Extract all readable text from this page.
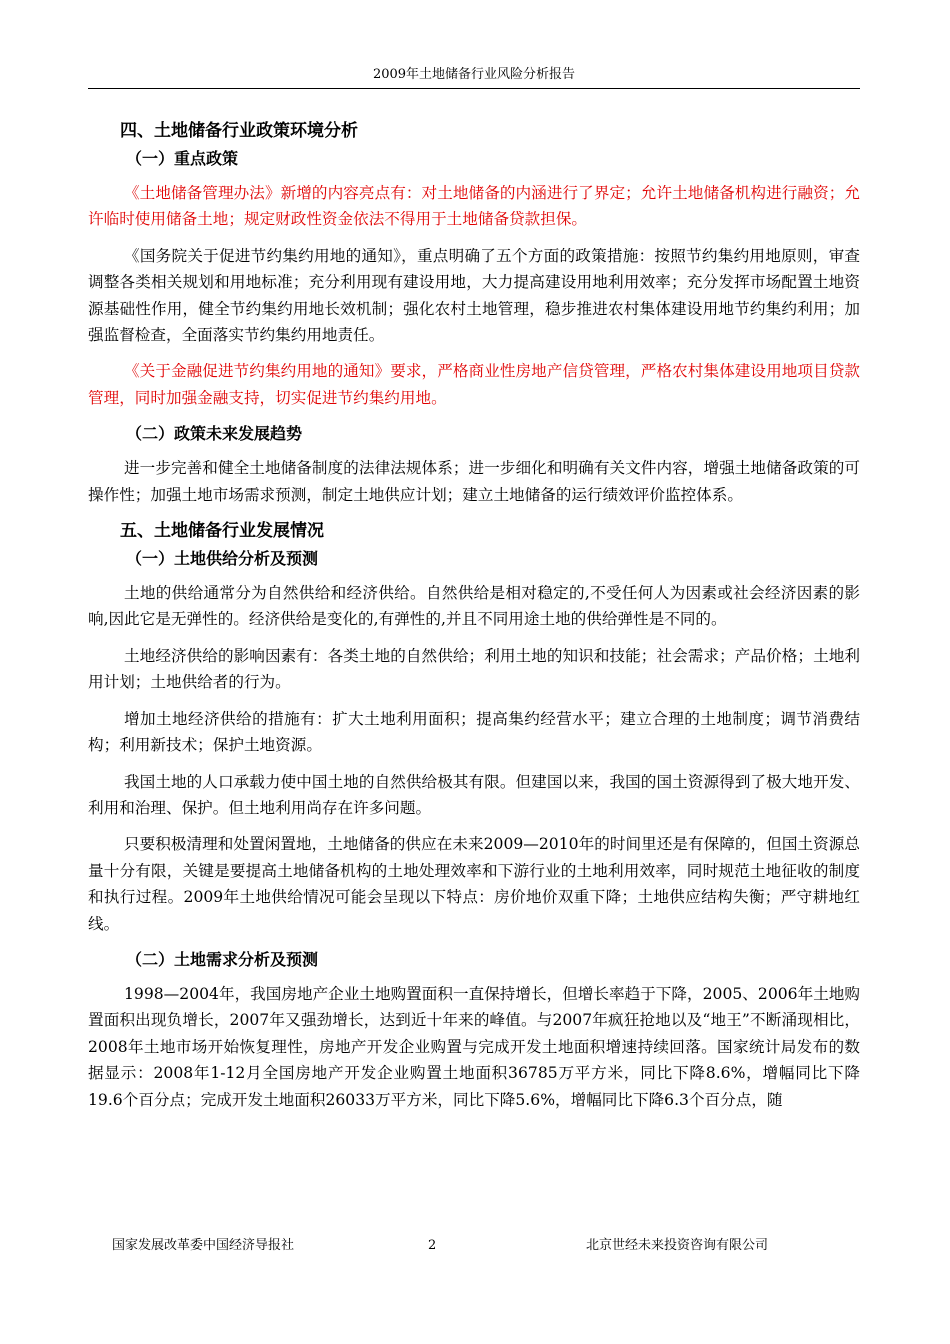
2009年土地储备行业风险分析报告
四、土地储备行业政策环境分析
（一）重点政策

《土地储备管理办法》新增的内容亮点有：对土地储备的内涵进行了界定；允许土地储备机构进行融资；允许临时使用储备土地；规定财政性资金依法不得用于土地储备贷款担保。

《国务院关于促进节约集约用地的通知》，重点明确了五个方面的政策措施：按照节约集约用地原则，审查调整各类相关规划和用地标准；充分利用现有建设用地，大力提高建设用地利用效率；充分发挥市场配置土地资源基础性作用，健全节约集约用地长效机制；强化农村土地管理，稳步推进农村集体建设用地节约集约利用；加强监督检查，全面落实节约集约用地责任。

《关于金融促进节约集约用地的通知》要求，严格商业性房地产信贷管理，严格农村集体建设用地项目贷款管理，同时加强金融支持，切实促进节约集约用地。

（二）政策未来发展趋势

进一步完善和健全土地储备制度的法律法规体系；进一步细化和明确有关文件内容，增强土地储备政策的可操作性；加强土地市场需求预测，制定土地供应计划；建立土地储备的运行绩效评价监控体系。

五、土地储备行业发展情况
（一）土地供给分析及预测

土地的供给通常分为自然供给和经济供给。自然供给是相对稳定的,不受任何人为因素或社会经济因素的影响,因此它是无弹性的。经济供给是变化的,有弹性的,并且不同用途土地的供给弹性是不同的。

土地经济供给的影响因素有：各类土地的自然供给；利用土地的知识和技能；社会需求；产品价格；土地利用计划；土地供给者的行为。

增加土地经济供给的措施有：扩大土地利用面积；提高集约经营水平；建立合理的土地制度；调节消费结构；利用新技术；保护土地资源。

我国土地的人口承载力使中国土地的自然供给极其有限。但建国以来，我国的国土资源得到了极大地开发、利用和治理、保护。但土地利用尚存在许多问题。

只要积极清理和处置闲置地，土地储备的供应在未来2009—2010年的时间里还是有保障的，但国土资源总量十分有限，关键是要提高土地储备机构的土地处理效率和下游行业的土地利用效率，同时规范土地征收的制度和执行过程。2009年土地供给情况可能会呈现以下特点：房价地价双重下降；土地供应结构失衡；严守耕地红线。

（二）土地需求分析及预测

1998—2004年，我国房地产企业土地购置面积一直保持增长，但增长率趋于下降，2005、2006年土地购置面积出现负增长，2007年又强劲增长，达到近十年来的峰值。与2007年疯狂抢地以及“地王”不断涌现相比，2008年土地市场开始恢复理性，房地产开发企业购置与完成开发土地面积增速持续回落。国家统计局发布的数据显示：2008年1-12月全国房地产开发企业购置土地面积36785万平方米，同比下降8.6%，增幅同比下降19.6个百分点；完成开发土地面积26033万平方米，同比下降5.6%，增幅同比下降6.3个百分点，随

国家发展改革委中国经济导报社	2	北京世经未来投资咨询有限公司
